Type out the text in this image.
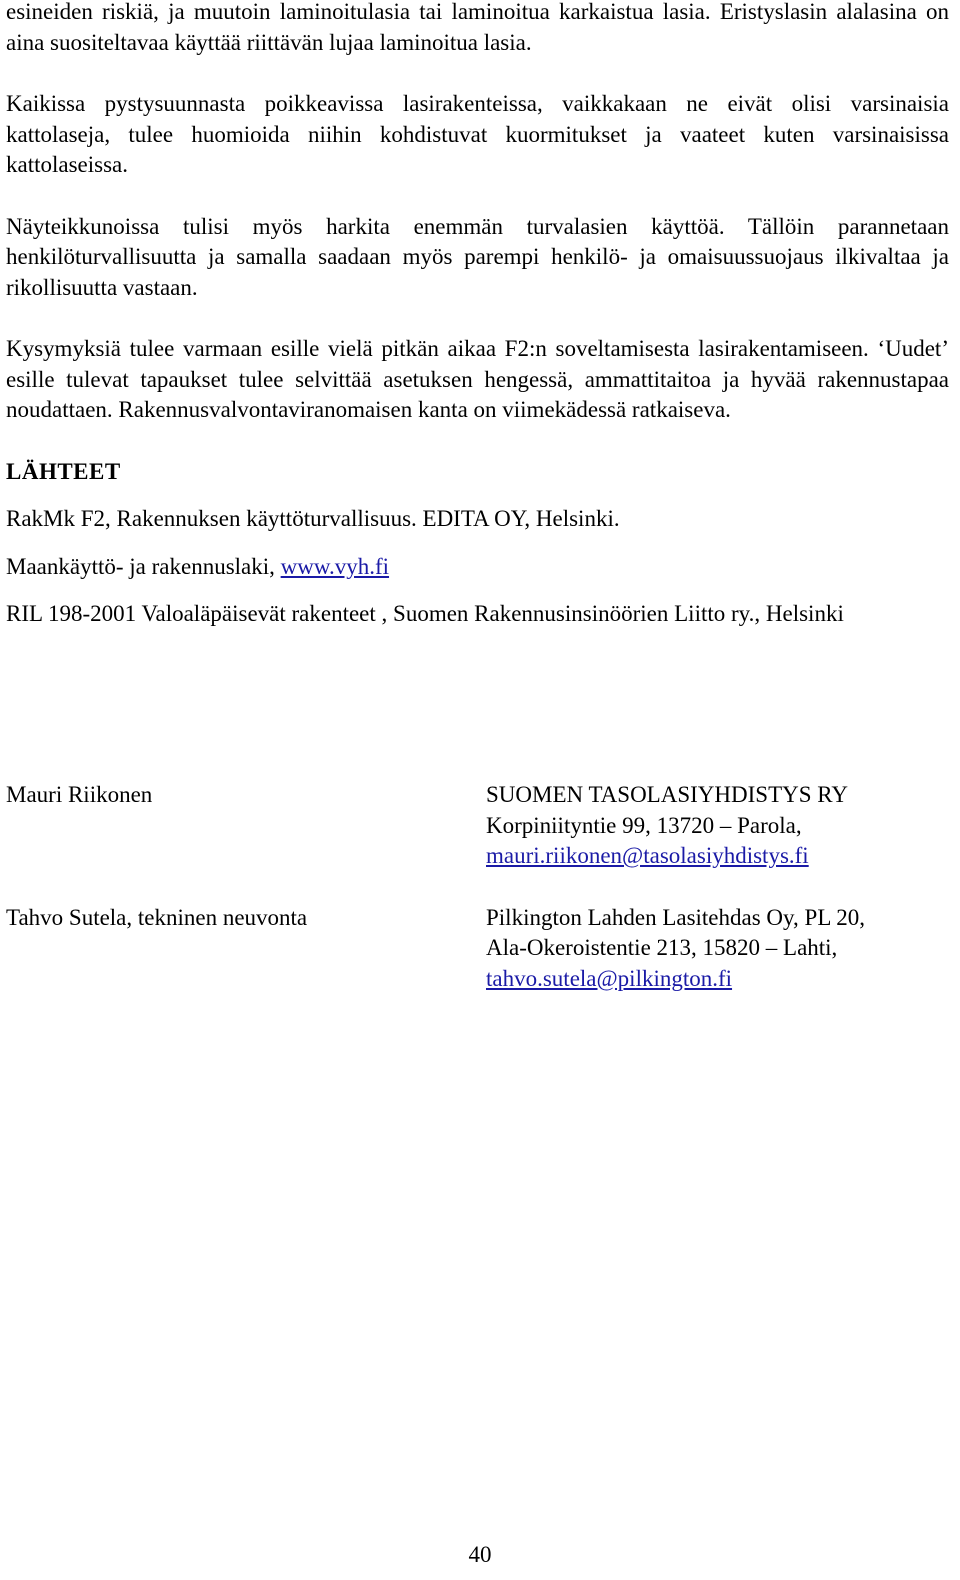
esineiden riskiä, ja muutoin laminoitulasia tai laminoitua karkaistua lasia. Eristyslasin alalasina on aina suositeltavaa käyttää riittävän lujaa laminoitua lasia.

Kaikissa pystysuunnasta poikkeavissa lasirakenteissa, vaikkakaan ne eivät olisi varsinaisia kattolaseja, tulee huomioida niihin kohdistuvat kuormitukset ja vaateet kuten varsinaisissa kattolaseissa.

Näyteikkunoissa tulisi myös harkita enemmän turvalasien käyttöä. Tällöin parannetaan henkilöturvallisuutta ja samalla saadaan myös parempi henkilö- ja omaisuussuojaus ilkivaltaa ja rikollisuutta vastaan.

Kysymyksiä tulee varmaan esille vielä pitkän aikaa F2:n soveltamisesta lasirakentamiseen. ‘Uudet’ esille tulevat tapaukset tulee selvittää asetuksen hengessä, ammattitaitoa ja hyvää rakennustapaa noudattaen. Rakennusvalvontaviranomaisen kanta on viimekädessä ratkaiseva.

LÄHTEET

RakMk F2, Rakennuksen käyttöturvallisuus. EDITA OY, Helsinki.

Maankäyttö- ja rakennuslaki, www.vyh.fi

RIL 198-2001 Valoaläpäisevät rakenteet , Suomen Rakennusinsinöörien Liitto ry., Helsinki

Mauri Riikonen	SUOMEN TASOLASIYHDISTYS RY
Korpiniityntie 99, 13720 – Parola,
mauri.riikonen@tasolasiyhdistys.fi
Tahvo Sutela, tekninen neuvonta	Pilkington Lahden Lasitehdas Oy, PL 20,
Ala-Okeroistentie 213, 15820 – Lahti,
tahvo.sutela@pilkington.fi
40
